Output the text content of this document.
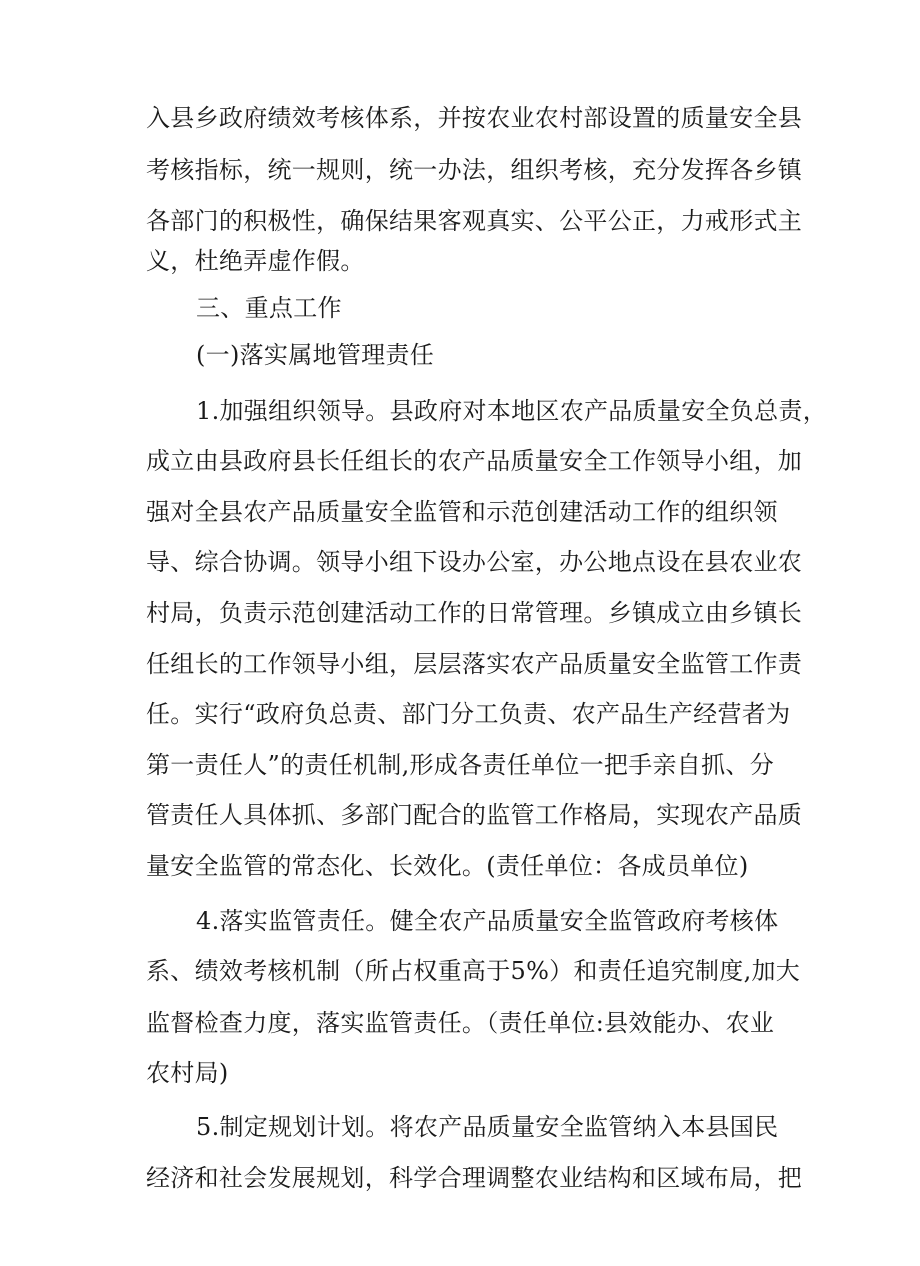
入县乡政府绩效考核体系，并按农业农村部设置的质量安全县
考核指标，统一规则，统一办法，组织考核，充分发挥各乡镇
各部门的积极性，确保结果客观真实、公平公正，力戒形式主
义，杜绝弄虚作假。
三、重点工作
(一)落实属地管理责任
1.加强组织领导。县政府对本地区农产品质量安全负总责，
成立由县政府县长任组长的农产品质量安全工作领导小组，加
强对全县农产品质量安全监管和示范创建活动工作的组织领
导、综合协调。领导小组下设办公室，办公地点设在县农业农
村局，负责示范创建活动工作的日常管理。乡镇成立由乡镇长
任组长的工作领导小组，层层落实农产品质量安全监管工作责
任。实行“政府负总责、部门分工负责、农产品生产经营者为
第一责任人”的责任机制,形成各责任单位一把手亲自抓、分
管责任人具体抓、多部门配合的监管工作格局，实现农产品质
量安全监管的常态化、长效化。(责任单位：各成员单位)
4.落实监管责任。健全农产品质量安全监管政府考核体
系、绩效考核机制（所占权重高于5%）和责任追究制度,加大
监督检查力度，落实监管责任。（责任单位:县效能办、农业
农村局)
5.制定规划计划。将农产品质量安全监管纳入本县国民
经济和社会发展规划，科学合理调整农业结构和区域布局，把
